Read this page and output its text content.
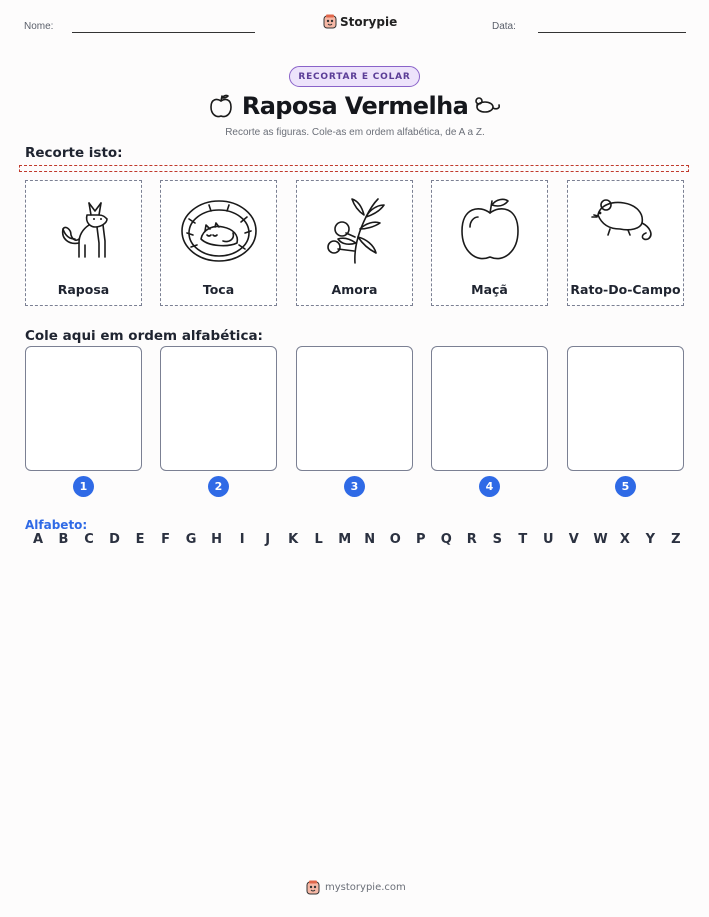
Nome:	Storypie	Data:
RECORTAR E COLAR
Raposa Vermelha
Recorte as figuras. Cole-as em ordem alfabética, de A a Z.
Recorte isto:
Raposa	Toca	Amora	Maçã	Rato-Do-Campo
Cole aqui em ordem alfabética:
1	2	3	4	5
Alfabeto:
A B C D E F G H I J K L M N O P Q R S T U V W X Y Z
mystorypie.com
